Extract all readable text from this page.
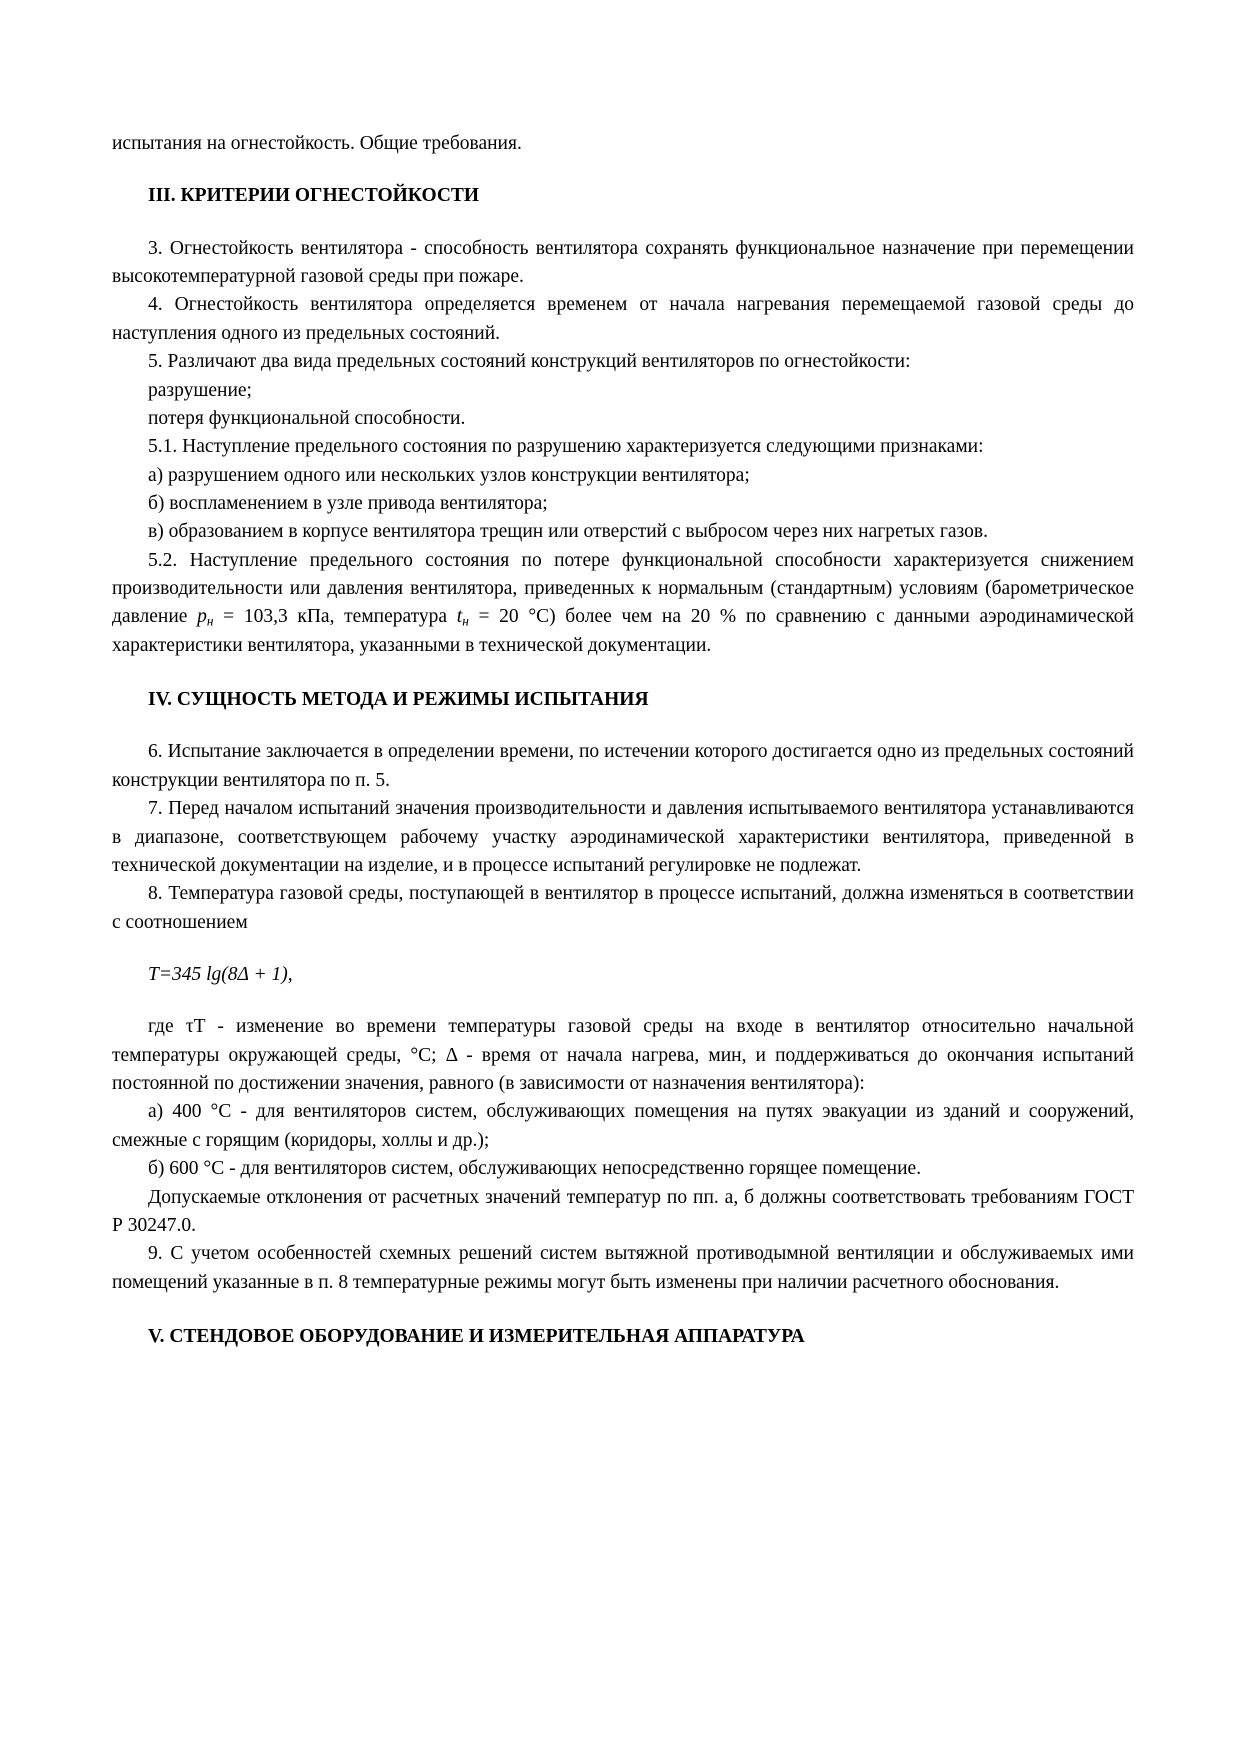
испытания на огнестойкость. Общие требования.

III. КРИТЕРИИ ОГНЕСТОЙКОСТИ

3. Огнестойкость вентилятора - способность вентилятора сохранять функциональное назначение при перемещении высокотемпературной газовой среды при пожаре.

4. Огнестойкость вентилятора определяется временем от начала нагревания перемещаемой газовой среды до наступления одного из предельных состояний.

5. Различают два вида предельных состояний конструкций вентиляторов по огнестойкости:

разрушение;

потеря функциональной способности.

5.1. Наступление предельного состояния по разрушению характеризуется следующими признаками:

а) разрушением одного или нескольких узлов конструкции вентилятора;

б) воспламенением в узле привода вентилятора;

в) образованием в корпусе вентилятора трещин или отверстий с выбросом через них нагретых газов.

5.2. Наступление предельного состояния по потере функциональной способности характеризуется снижением производительности или давления вентилятора, приведенных к нормальным (стандартным) условиям (барометрическое давление $p_н = 103,3$ кПа, температура $t_н = 20$ °С) более чем на 20 % по сравнению с данными аэродинамической характеристики вентилятора, указанными в технической документации.

IV. СУЩНОСТЬ МЕТОДА И РЕЖИМЫ ИСПЫТАНИЯ

6. Испытание заключается в определении времени, по истечении которого достигается одно из предельных состояний конструкции вентилятора по п. 5.

7. Перед началом испытаний значения производительности и давления испытываемого вентилятора устанавливаются в диапазоне, соответствующем рабочему участку аэродинамической характеристики вентилятора, приведенной в технической документации на изделие, и в процессе испытаний регулировке не подлежат.

8. Температура газовой среды, поступающей в вентилятор в процессе испытаний, должна изменяться в соответствии с соотношением

T=345 lg(8Δ + 1),

где τT - изменение во времени температуры газовой среды на входе в вентилятор относительно начальной температуры окружающей среды, °С; Δ - время от начала нагрева, мин, и поддерживаться до окончания испытаний постоянной по достижении значения, равного (в зависимости от назначения вентилятора):

а) 400 °С - для вентиляторов систем, обслуживающих помещения на путях эвакуации из зданий и сооружений, смежные с горящим (коридоры, холлы и др.);

б) 600 °С - для вентиляторов систем, обслуживающих непосредственно горящее помещение.

Допускаемые отклонения от расчетных значений температур по пп. а, б должны соответствовать требованиям ГОСТ Р 30247.0.

9. С учетом особенностей схемных решений систем вытяжной противодымной вентиляции и обслуживаемых ими помещений указанные в п. 8 температурные режимы могут быть изменены при наличии расчетного обоснования.

V. СТЕНДОВОЕ ОБОРУДОВАНИЕ И ИЗМЕРИТЕЛЬНАЯ АППАРАТУРА
